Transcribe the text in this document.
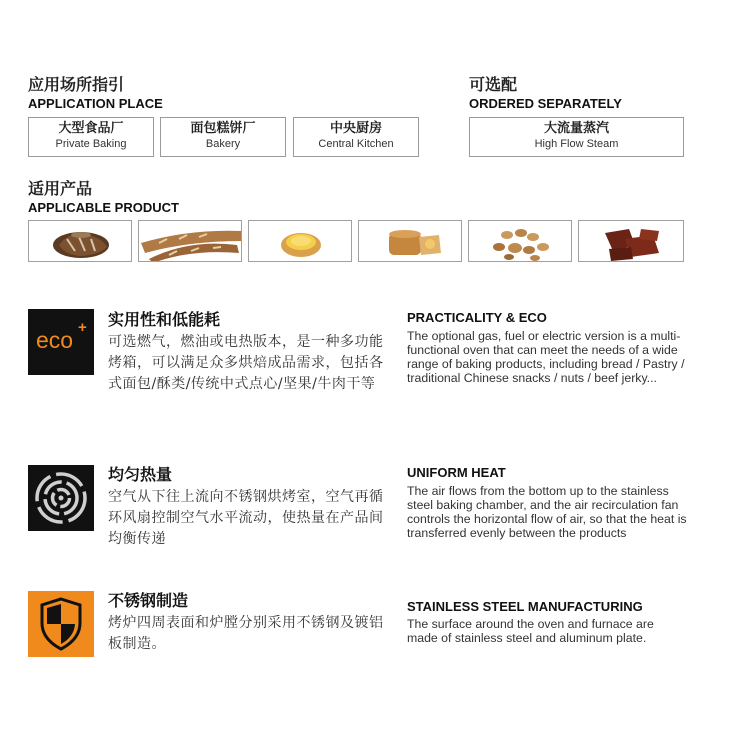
应用场所指引
APPLICATION PLACE
大型食品厂
Private Baking
面包糕饼厂
Bakery
中央厨房
Central Kitchen
可选配
ORDERED SEPARATELY
大流量蒸汽
High Flow Steam
适用产品
APPLICABLE PRODUCT
eco + 实用性和低能耗
可选燃气，燃油或电热版本，是一种多功能烤箱，可以满足众多烘焙成品需求，包括各式面包/酥类/传统中式点心/坚果/牛肉干等
PRACTICALITY & ECO
The optional gas, fuel or electric version is a multi-functional oven that can meet the needs of a wide range of baking products, including bread / Pastry / traditional Chinese snacks / nuts / beef jerky...
均匀热量
空气从下往上流向不锈钢烘烤室，空气再循环风扇控制空气水平流动，使热量在产品间均衡传递
UNIFORM HEAT
The air flows from the bottom up to the stainless steel baking chamber, and the air recirculation fan controls the horizontal flow of air, so that the heat is transferred evenly between the products
不锈钢制造
烤炉四周表面和炉膛分别采用不锈钢及镀铝板制造。
STAINLESS STEEL MANUFACTURING
The surface around the oven and furnace are made of stainless steel and aluminum plate.
